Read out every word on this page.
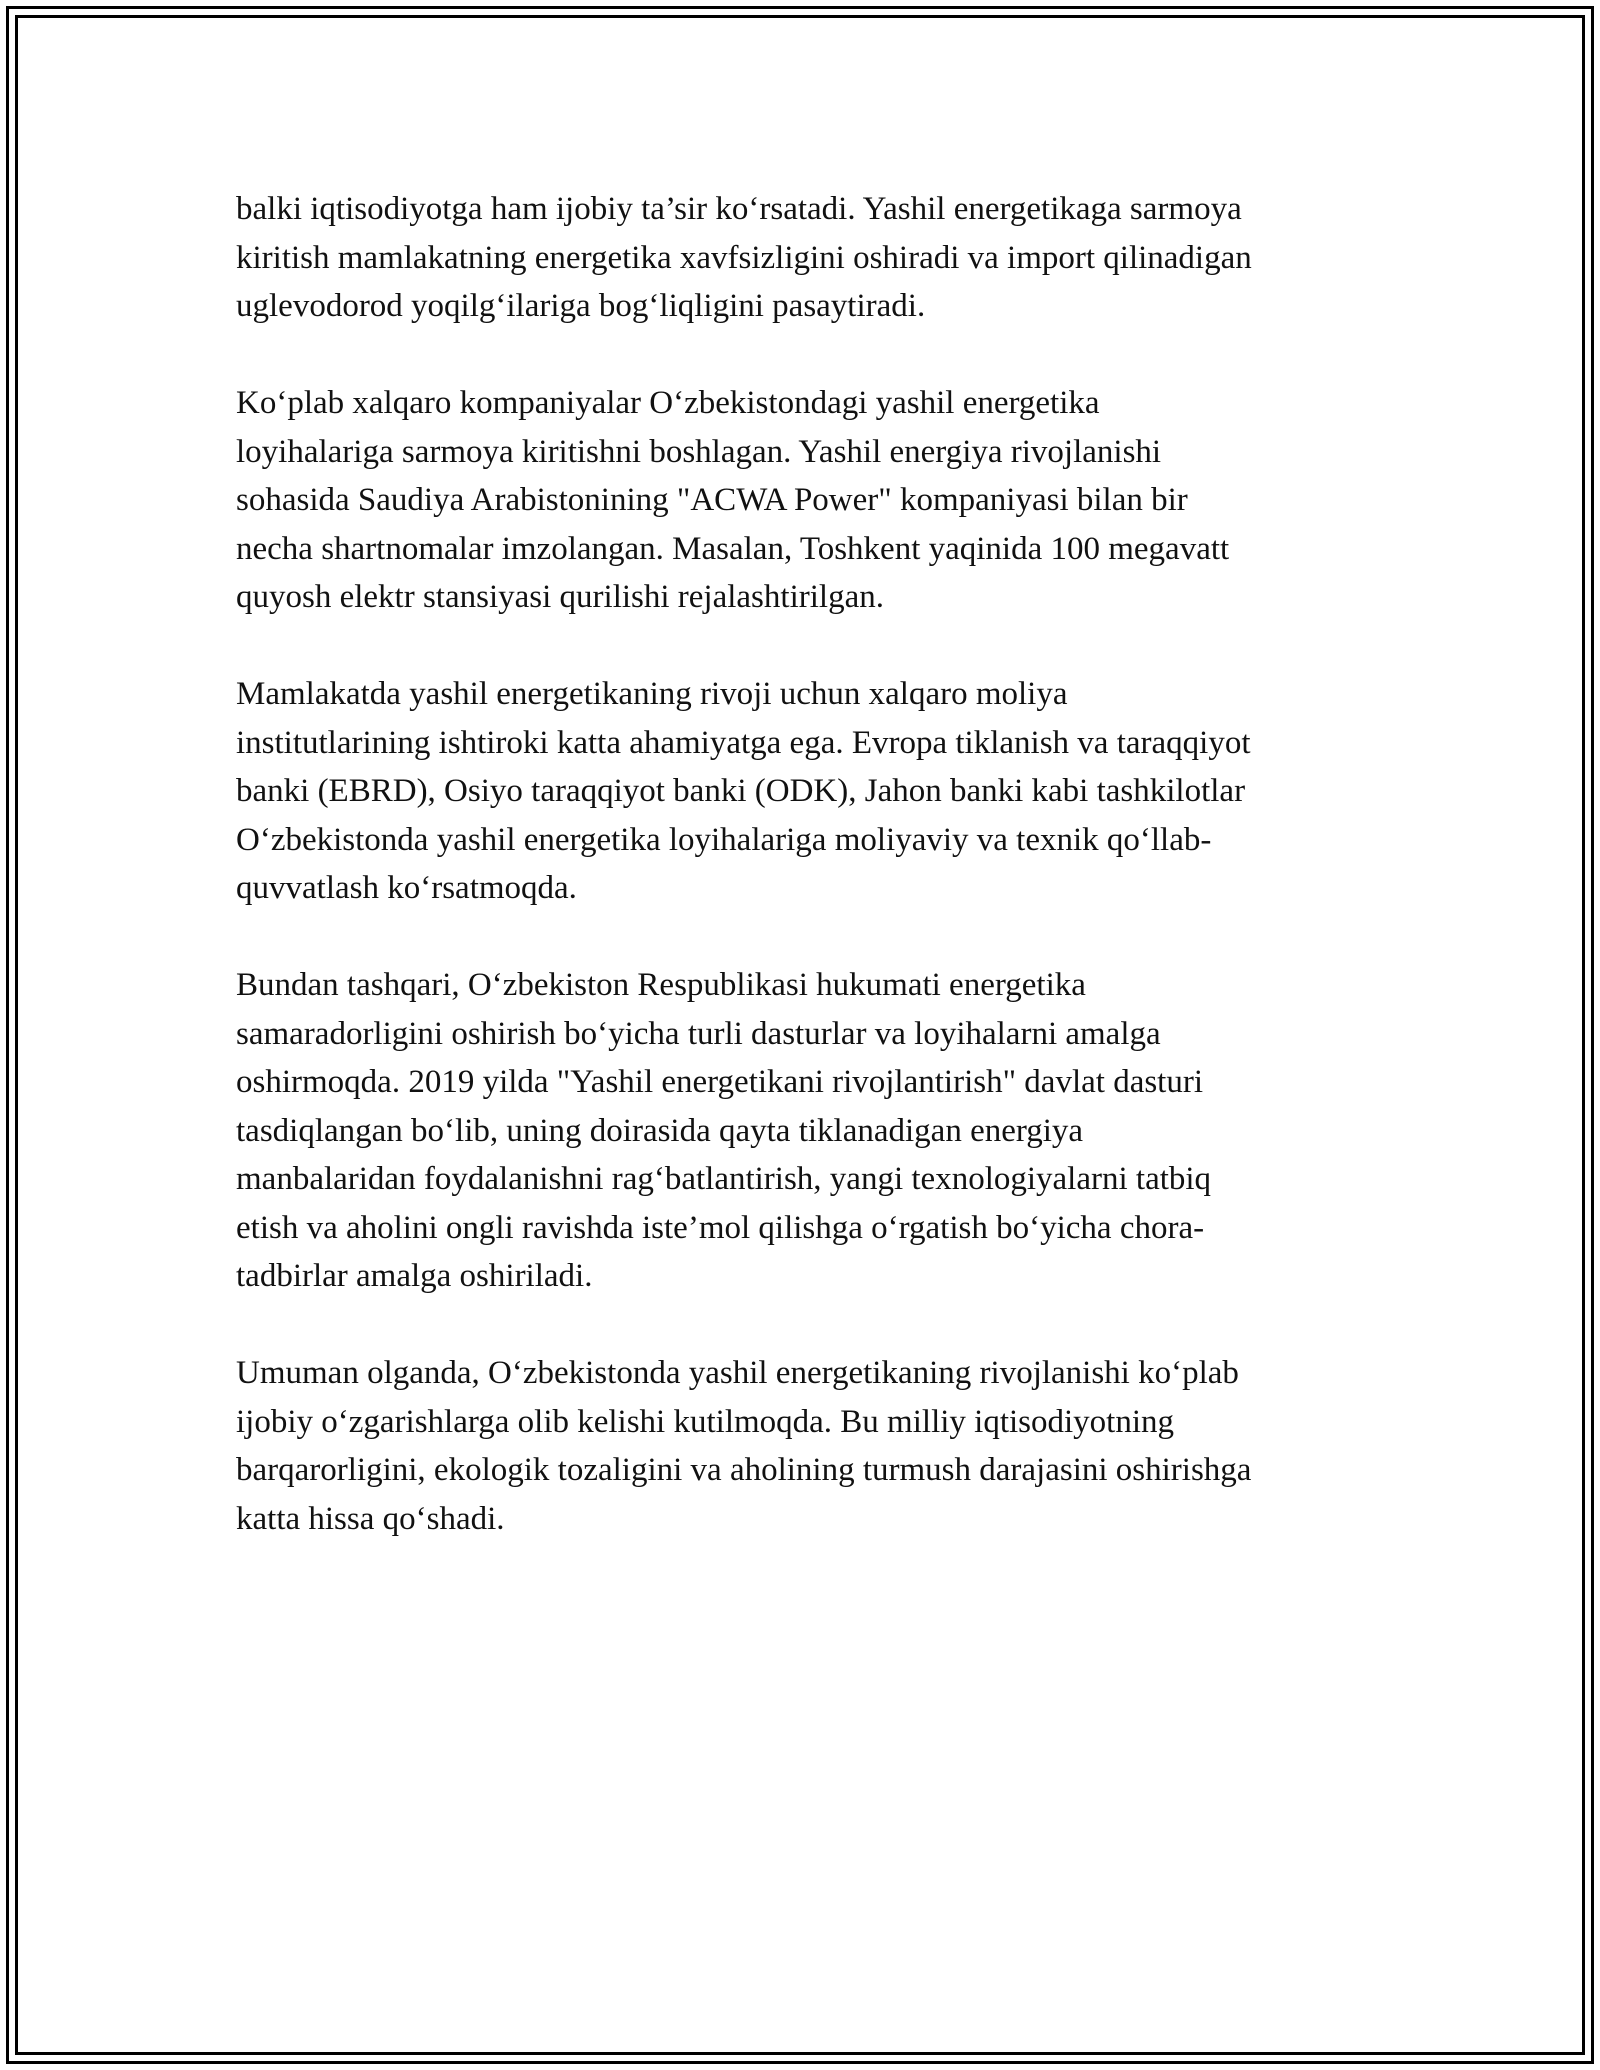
balki iqtisodiyotga ham ijobiy ta’sir ko‘rsatadi. Yashil energetikaga sarmoya
kiritish mamlakatning energetika xavfsizligini oshiradi va import qilinadigan
uglevodorod yoqilg‘ilariga bog‘liqligini pasaytiradi.

Ko‘plab xalqaro kompaniyalar O‘zbekistondagi yashil energetika
loyihalariga sarmoya kiritishni boshlagan. Yashil energiya rivojlanishi
sohasida Saudiya Arabistonining "ACWA Power" kompaniyasi bilan bir
necha shartnomalar imzolangan. Masalan, Toshkent yaqinida 100 megavatt
quyosh elektr stansiyasi qurilishi rejalashtirilgan.

Mamlakatda yashil energetikaning rivoji uchun xalqaro moliya
institutlarining ishtiroki katta ahamiyatga ega. Evropa tiklanish va taraqqiyot
banki (EBRD), Osiyo taraqqiyot banki (ODK), Jahon banki kabi tashkilotlar
O‘zbekistonda yashil energetika loyihalariga moliyaviy va texnik qo‘llab-
quvvatlash ko‘rsatmoqda.

Bundan tashqari, O‘zbekiston Respublikasi hukumati energetika
samaradorligini oshirish bo‘yicha turli dasturlar va loyihalarni amalga
oshirmoqda. 2019 yilda "Yashil energetikani rivojlantirish" davlat dasturi
tasdiqlangan bo‘lib, uning doirasida qayta tiklanadigan energiya
manbalaridan foydalanishni rag‘batlantirish, yangi texnologiyalarni tatbiq
etish va aholini ongli ravishda iste’mol qilishga o‘rgatish bo‘yicha chora-
tadbirlar amalga oshiriladi.

Umuman olganda, O‘zbekistonda yashil energetikaning rivojlanishi ko‘plab
ijobiy o‘zgarishlarga olib kelishi kutilmoqda. Bu milliy iqtisodiyotning
barqarorligini, ekologik tozaligini va aholining turmush darajasini oshirishga
katta hissa qo‘shadi.
